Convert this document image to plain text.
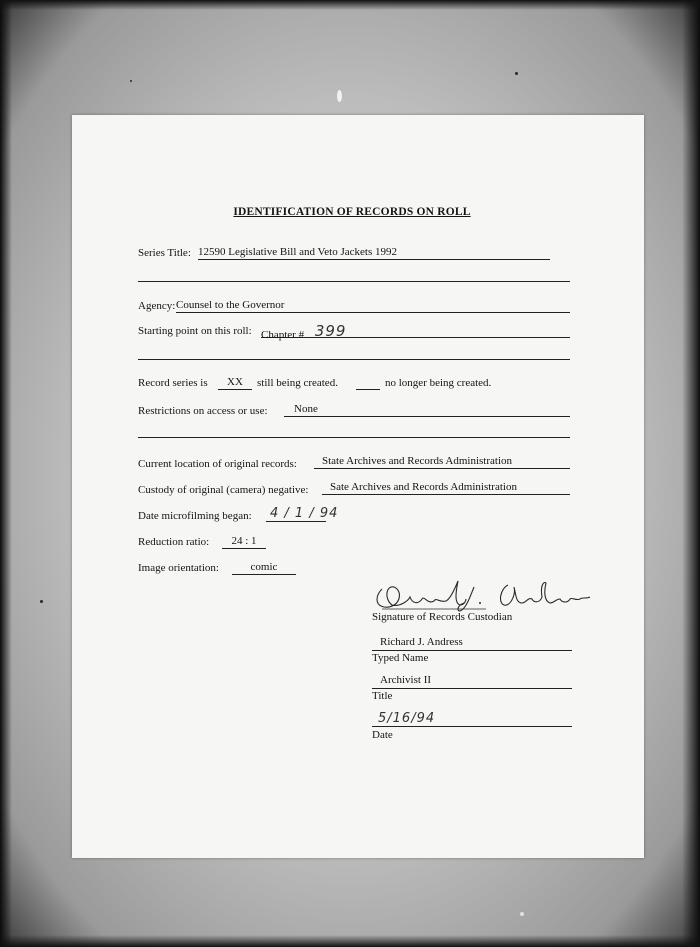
IDENTIFICATION OF RECORDS ON ROLL
Series Title: 12590 Legislative Bill and Veto Jackets 1992
Agency: Counsel to the Governor
Starting point on this roll: Chapter # 399
Record series is	XX	still being created.	no longer being created.
Restrictions on access or use:	None
Current location of original records:	State Archives and Records Administration
Custody of original (camera) negative:	Sate Archives and Records Administration
Date microfilming began:	4 / 1 / 94
Reduction ratio:	24 : 1
Image orientation:	comic
Signature of Records Custodian
Richard J. Andress
Typed Name
Archivist II
Title
5/16/94
Date
